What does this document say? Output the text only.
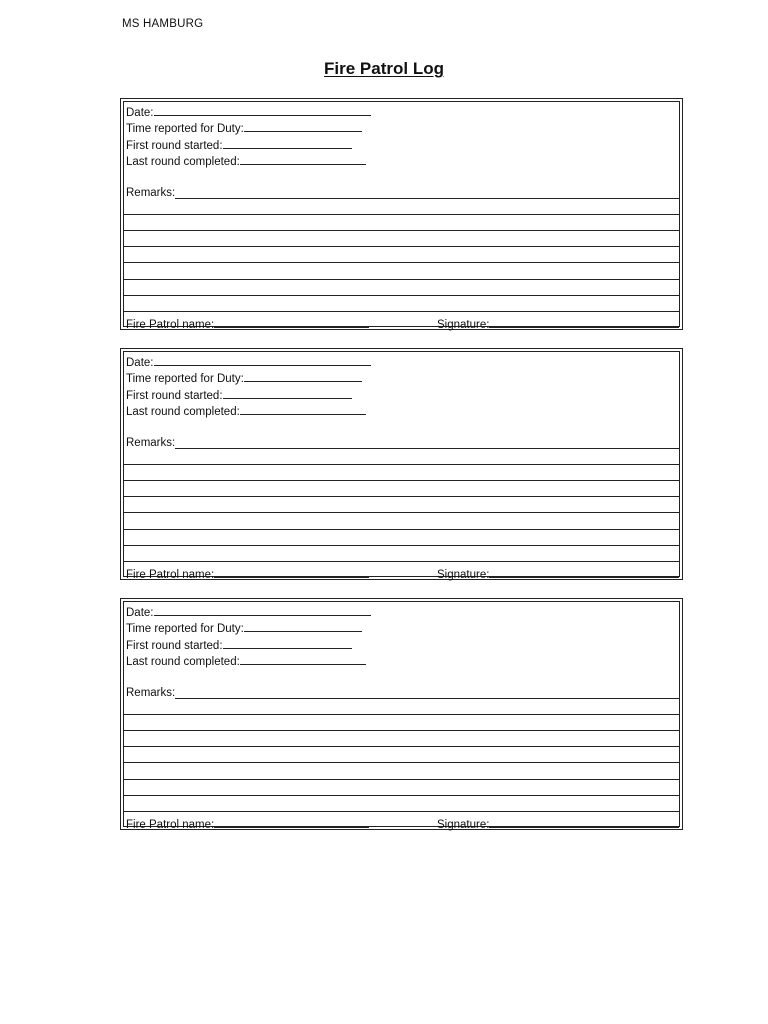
MS HAMBURG
Fire Patrol Log
Date:
Time reported for Duty:
First round started:
Last round completed:
Remarks:
Fire Patrol name:	Signature:
Date:
Time reported for Duty:
First round started:
Last round completed:
Remarks:
Fire Patrol name:	Signature:
Date:
Time reported for Duty:
First round started:
Last round completed:
Remarks:
Fire Patrol name:	Signature:
